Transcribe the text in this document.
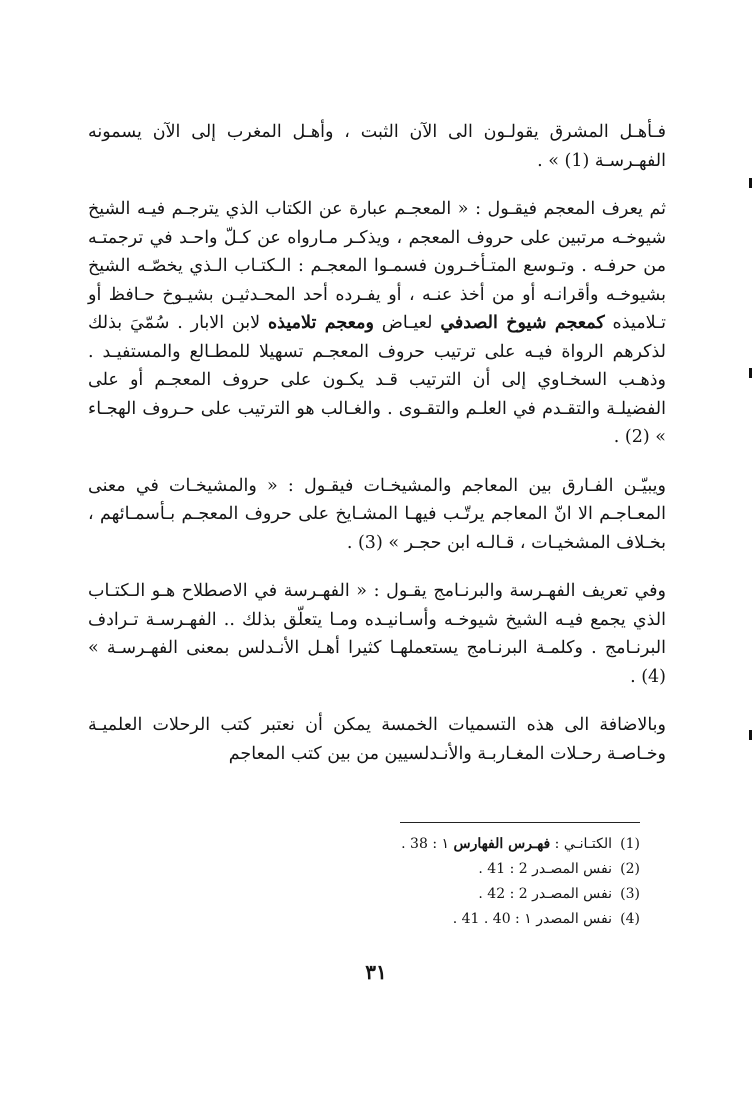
فـأهـل المشرق يقولـون الى الآن الثبت ، وأهـل المغرب إلى الآن يسمونه الفهـرسـة (1) » .

ثم يعرف المعجم فيقـول : « المعجـم عبارة عن الكتاب الذي يترجـم فيـه الشيخ شيوخـه مرتبين على حروف المعجم ، ويذكـر مـارواه عن كـلّ واحـد في ترجمتـه من حرفـه . وتـوسع المتـأخـرون فسمـوا المعجـم : الـكتـاب الـذي يخصّـه الشيخ بشيوخـه وأقرانـه أو من أخذ عنـه ، أو يفـرده أحد المحـدثيـن بشيـوخ حـافظ أو تـلاميذه كمعجم شيوخ الصدفي لعيـاض ومعجم تلاميذه لابن الابار . سُمّيَ بذلك لذكرهم الرواة فيـه على ترتيب حروف المعجـم تسهيلا للمطـالع والمستفيـد . وذهـب السخـاوي إلى أن الترتيب قـد يكـون على حروف المعجـم أو على الفضيلـة والتقـدم في العلـم والتقـوى . والغـالب هو الترتيب على حـروف الهجـاء » (2) .

ويبيّـن الفـارق بين المعاجم والمشيخـات فيقـول : « والمشيخـات في معنى المعـاجـم الا انّ المعاجم يرتّـب فيهـا المشـايخ على حروف المعجـم بـأسمـائهم ، بخـلاف المشخيـات ، قـالـه ابن حجـر » (3) .

وفي تعريف الفهـرسة والبرنـامج يقـول : « الفهـرسة في الاصطلاح هـو الـكتـاب الذي يجمع فيـه الشيخ شيوخـه وأسـانيـده ومـا يتعلّق بذلك .. الفهـرسـة تـرادف البرنـامج . وكلمـة البرنـامج يستعملهـا كثيرا أهـل الأنـدلس بمعنى الفهـرسـة » (4) .

وبالاضافة الى هذه التسميات الخمسة يمكن أن نعتبر كتب الرحلات العلميـة وخـاصـة رحـلات المغـاربـة والأنـدلسيين من بين كتب المعاجم

(1)الكتـانـي : فهـرس الفهارس ١ : 38 .
(2)نفس المصـدر 2 : 41 .
(3)نفس المصـدر 2 : 42 .
(4)نفس المصدر ١ : 40 . 41 .
٣١
